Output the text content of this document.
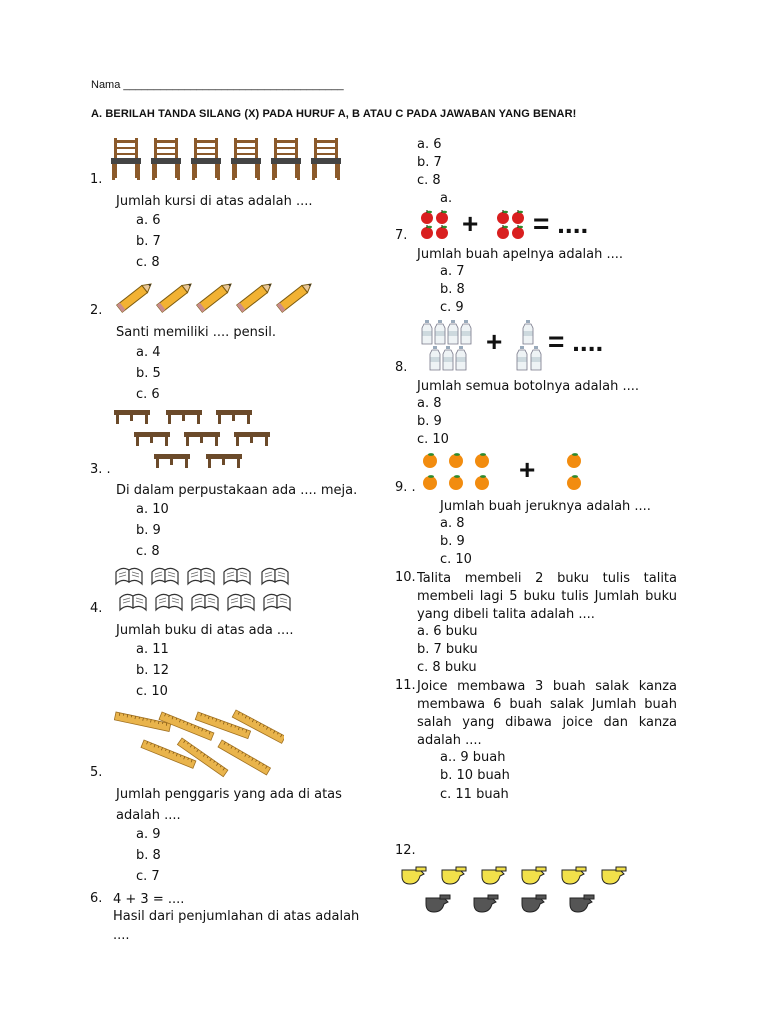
Nama ____________________________________
A. BERILAH TANDA SILANG (X) PADA HURUF A, B ATAU C PADA JAWABAN YANG BENAR!
1.
Jumlah kursi di atas adalah ....
a. 6
b. 7
c. 8
2.
Santi memiliki .... pensil.
a. 4
b. 5
c. 6
3. .
Di dalam perpustakaan ada .... meja.
a. 10
b. 9
c. 8
4.
Jumlah buku di atas ada ....
a. 11
b. 12
c. 10
5.
Jumlah penggaris yang ada di atas
adalah ....
a. 9
b. 8
c. 7
6. 4 + 3 = ....
Hasil dari penjumlahan di atas adalah
....
a. 6
b. 7
c. 8
a.
+ = ....
7.
Jumlah buah apelnya adalah ....
a. 7
b. 8
c. 9
+ = ....
8.
Jumlah semua botolnya adalah ....
a. 8
b. 9
c. 10
+
9. .
Jumlah buah jeruknya adalah ....
a. 8
b. 9
c. 10
10. Talita membeli 2 buku tulis talita membeli lagi 5 buku tulis Jumlah buku yang dibeli talita adalah ....
a. 6 buku
b. 7 buku
c. 8 buku
11. Joice membawa 3 buah salak kanza membawa 6 buah salak Jumlah buah salah yang dibawa joice dan kanza adalah ....
a.. 9 buah
b. 10 buah
c. 11 buah
12.
